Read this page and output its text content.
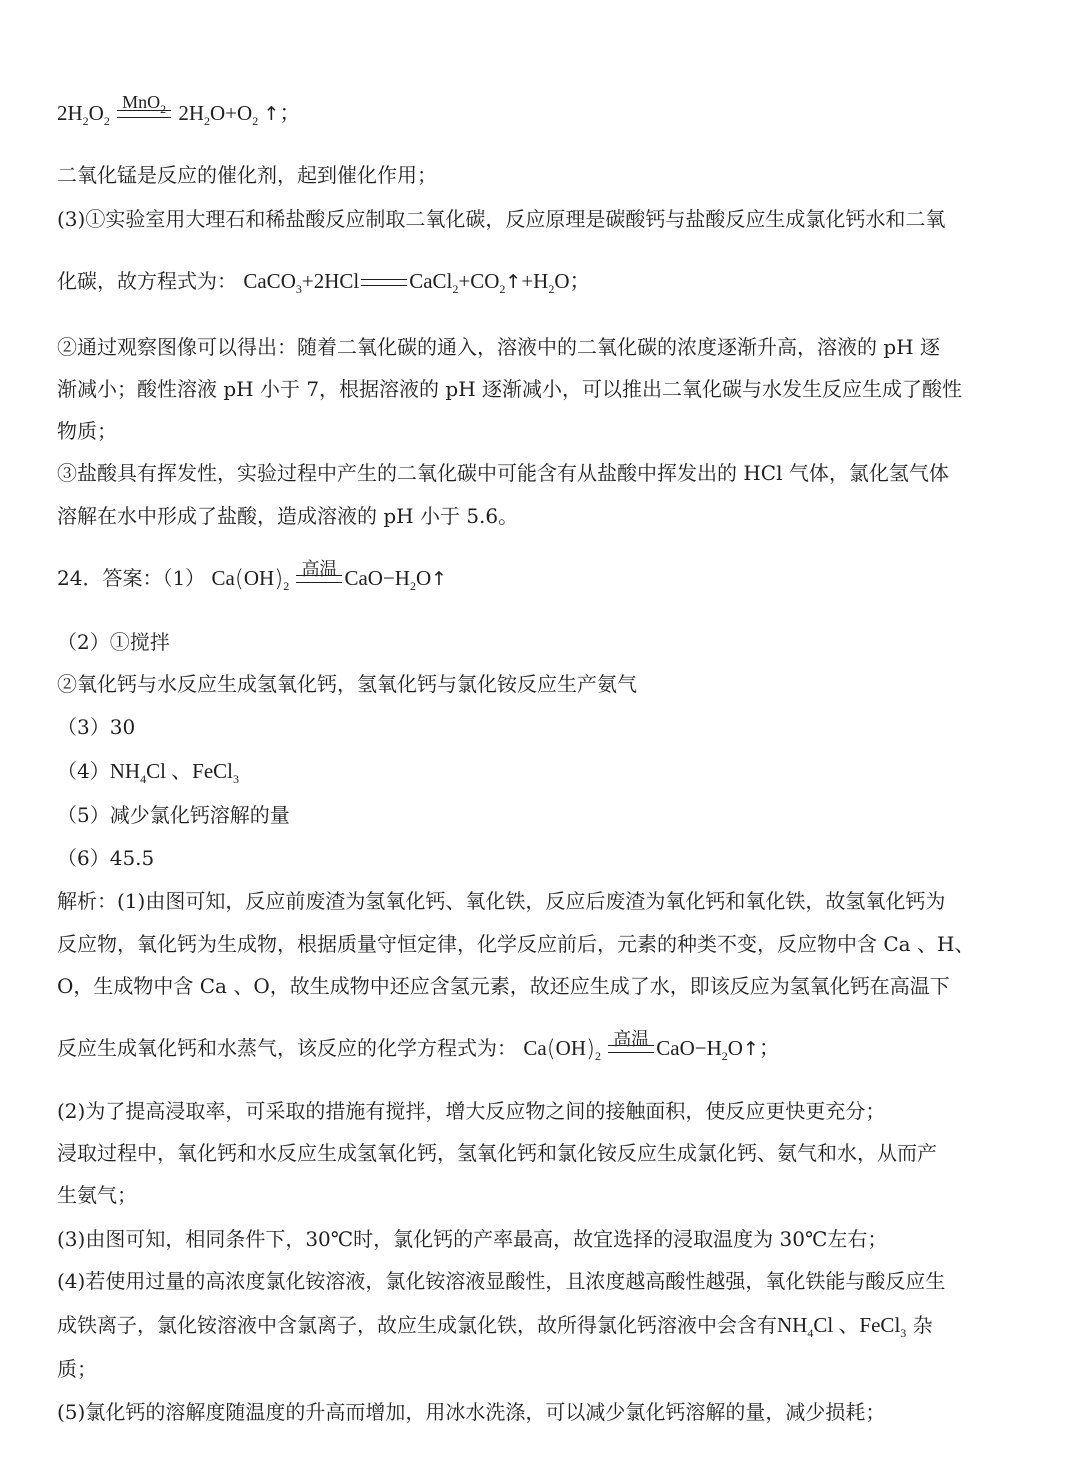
$2H_2O_2$
MnO$_2$ $2H_2O+O_2$ ↑；
二氧化锰是反应的催化剂，起到催化作用；
(3)①实验室用大理石和稀盐酸反应制取二氧化碳，反应原理是碳酸钙与盐酸反应生成氯化钙水和二氧
化碳，故方程式为： CaCO$_3$+2HCl $CaCl_2+CO_2↑+H_2O$；
②通过观察图像可以得出：随着二氧化碳的通入，溶液中的二氧化碳的浓度逐渐升高，溶液的 pH 逐
渐减小；酸性溶液 pH 小于 7，根据溶液的 pH 逐渐减小，可以推出二氧化碳与水发生反应生成了酸性
物质；
③盐酸具有挥发性，实验过程中产生的二氧化碳中可能含有从盐酸中挥发出的 HCl 气体，氯化氢气体
溶解在水中形成了盐酸，造成溶液的 pH 小于 5.6。
24．答案：（1） $Ca(OH)_2$
高温 $CaO-H_2O↑$
（2）①搅拌
②氧化钙与水反应生成氢氧化钙，氢氧化钙与氯化铵反应生产氨气
（3）30
$(4)NH_4Cl$ 、FeCl$_3$
（5）减少氯化钙溶解的量
（6）45.5
解析：(1)由图可知，反应前废渣为氢氧化钙、氧化铁，反应后废渣为氧化钙和氧化铁，故氢氧化钙为
反应物，氧化钙为生成物，根据质量守恒定律，化学反应前后，元素的种类不变，反应物中含 Ca 、H、
O，生成物中含 Ca 、O，故生成物中还应含氢元素，故还应生成了水，即该反应为氢氧化钙在高温下
反应生成氧化钙和水蒸气，该反应的化学方程式为： $Ca(OH)_2$
高温 $CaO-H_2O↑$；
(2)为了提高浸取率，可采取的措施有搅拌，增大反应物之间的接触面积，使反应更快更充分；
浸取过程中，氧化钙和水反应生成氢氧化钙，氢氧化钙和氯化铵反应生成氯化钙、氨气和水，从而产
生氨气；
(3)由图可知，相同条件下，30℃时，氯化钙的产率最高，故宜选择的浸取温度为 30℃左右；
(4)若使用过量的高浓度氯化铵溶液，氯化铵溶液显酸性，且浓度越高酸性越强，氧化铁能与酸反应生
成铁离子，氯化铵溶液中含氯离子，故应生成氯化铁，故所得氯化钙溶液中会含有$NH_4Cl$ 、FeCl$_3$ 杂
质；
(5)氯化钙的溶解度随温度的升高而增加，用冰水洗涤，可以减少氯化钙溶解的量，减少损耗；
